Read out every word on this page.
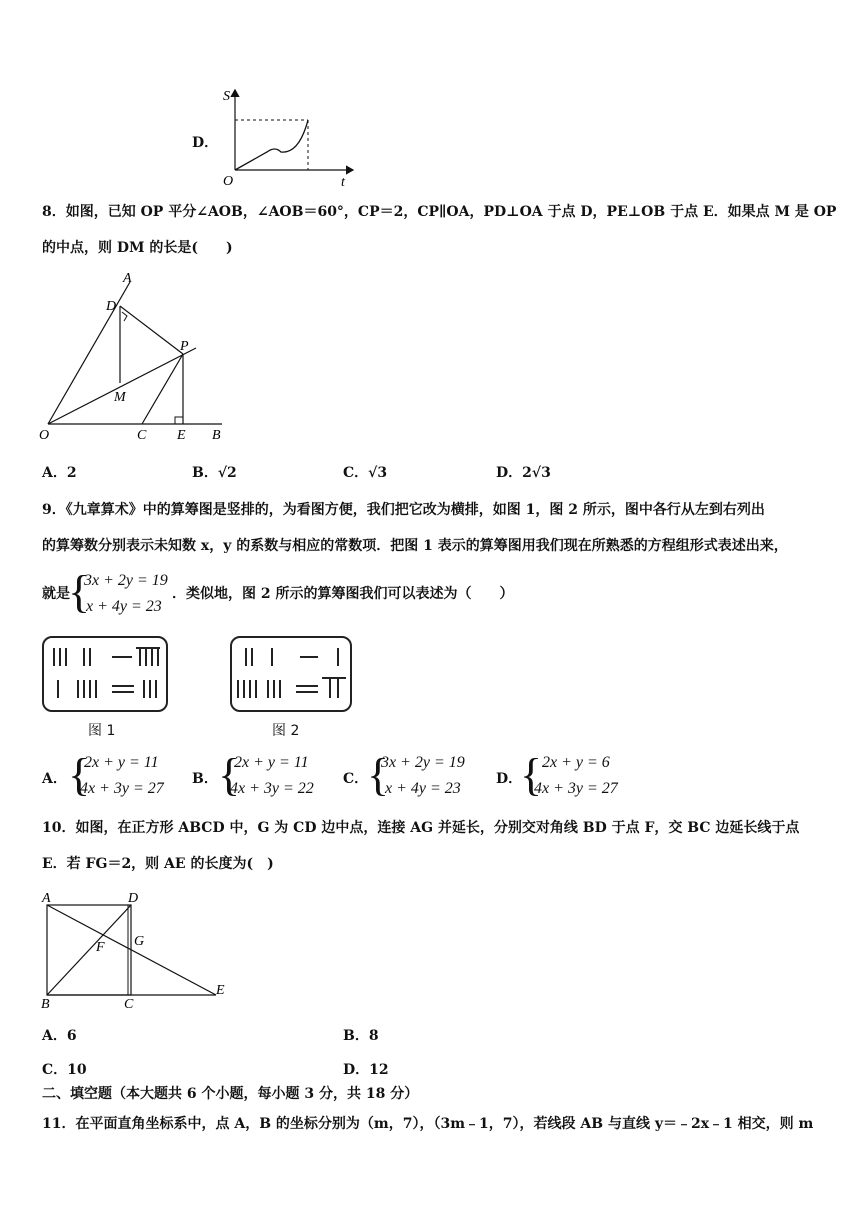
D．
S
t
O
8．如图，已知 OP 平分∠AOB，∠AOB＝60°，CP＝2，CP∥OA，PD⊥OA 于点 D，PE⊥OB 于点 E．如果点 M 是 OP
的中点，则 DM 的长是(　　)
A
D
P
M
O	C E B
A．2	B．√2	C．√3	D．2√3
9．《九章算术》中的算筹图是竖排的，为看图方便，我们把它改为横排，如图 1，图 2 所示，图中各行从左到右列出
的算筹数分别表示未知数 x，y 的系数与相应的常数项．把图 1 表示的算筹图用我们现在所熟悉的方程组形式表述出来，
就是
{
3x + 2y = 19
x + 4y = 23
．类似地，图 2 所示的算筹图我们可以表述为（　　）
图 1	图 2
A． {
2x + y = 11
4x + 3y = 27
B． {
2x + y = 11
4x + 3y = 22
C．
{
3x + 2y = 19
x + 4y = 23
D．
{ 2x + y = 6
4x + 3y = 27
10．如图，在正方形 ABCD 中，G 为 CD 边中点，连接 AG 并延长，分别交对角线 BD 于点 F，交 BC 边延长线于点
E．若 FG＝2，则 AE 的长度为(　)
A	D
F G
B	C
E
A．6	B．8
C．10	D．12
二、填空题（本大题共 6 个小题，每小题 3 分，共 18 分）
11．在平面直角坐标系中，点 A，B 的坐标分别为（m，7），（3m﹣1，7），若线段 AB 与直线 y＝﹣2x﹣1 相交，则 m
